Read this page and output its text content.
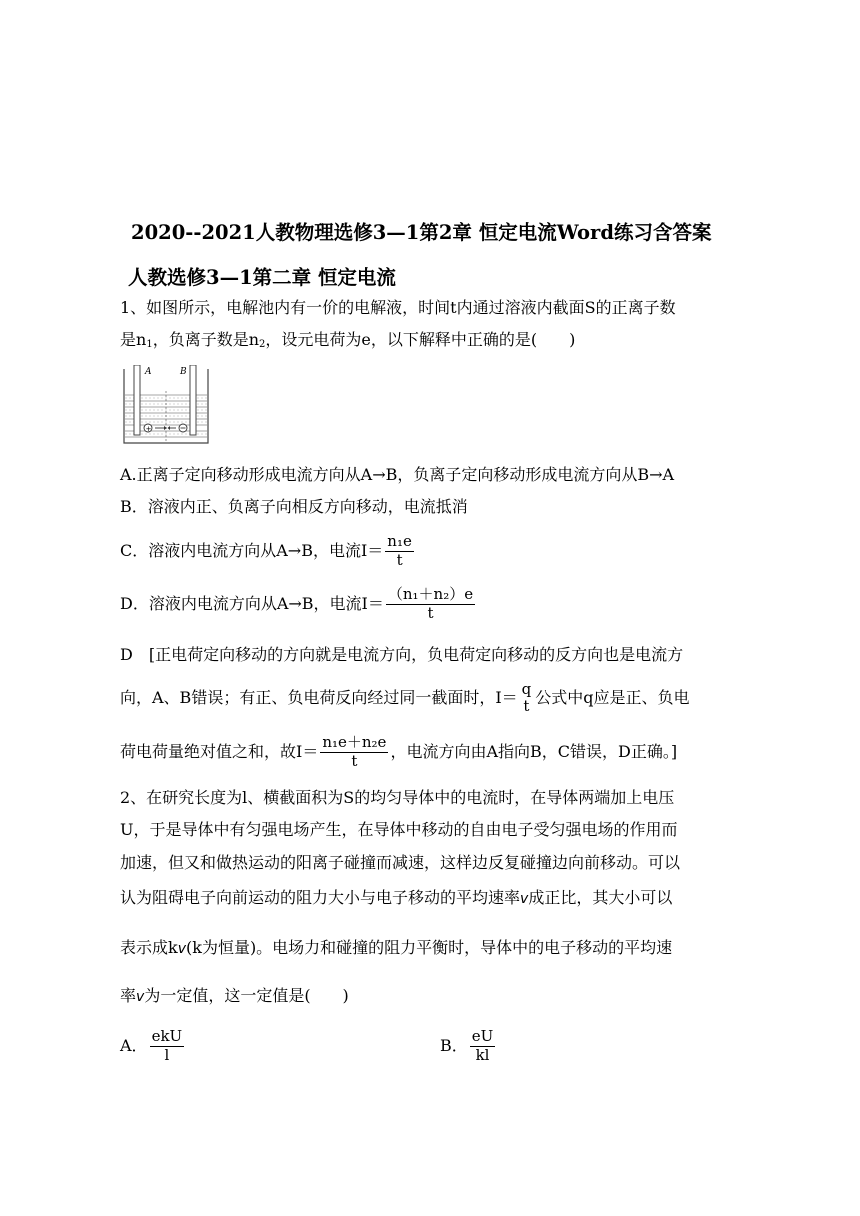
2020--2021人教物理选修3—1第2章 恒定电流Word练习含答案
人教选修3—1第二章 恒定电流
1、如图所示，电解池内有一价的电解液，时间t内通过溶液内截面S的正离子数
是$n_1$，负离子数是$n_2$，设元电荷为e，以下解释中正确的是(　　)
A	B
+
A.正离子定向移动形成电流方向从A→B，负离子定向移动形成电流方向从B→A
B．溶液内正、负离子向相反方向移动，电流抵消
C．溶液内电流方向从A→B，电流$I= \frac{\text{n₁e}}{t}$
D．溶液内电流方向从A→B，电流$I= \frac{\text{（n₁＋n₂）e}}{t}$
D　[正电荷定向移动的方向就是电流方向，负电荷定向移动的反方向也是电流方
向，A、B错误；有正、负电荷反向经过同一截面时，I＝ q
t 公式中q应是正、负电
荷电荷量绝对值之和，故$I= \frac{\text{n₁e＋n₂e}}{t}$ ，电流方向由A指向B，C错误，D正确。]
2、在研究长度为l、横截面积为S的均匀导体中的电流时，在导体两端加上电压
U，于是导体中有匀强电场产生，在导体中移动的自由电子受匀强电场的作用而
加速，但又和做热运动的阳离子碰撞而减速，这样边反复碰撞边向前移动。可以
认为阻碍电子向前运动的阻力大小与电子移动的平均速率v成正比，其大小可以
表示成kv(k为恒量)。电场力和碰撞的阻力平衡时，导体中的电子移动的平均速
率v为一定值，这一定值是(　　)
A． $\frac{\text{ekU}}{l}$	B． $\frac{eU}{kl}$
